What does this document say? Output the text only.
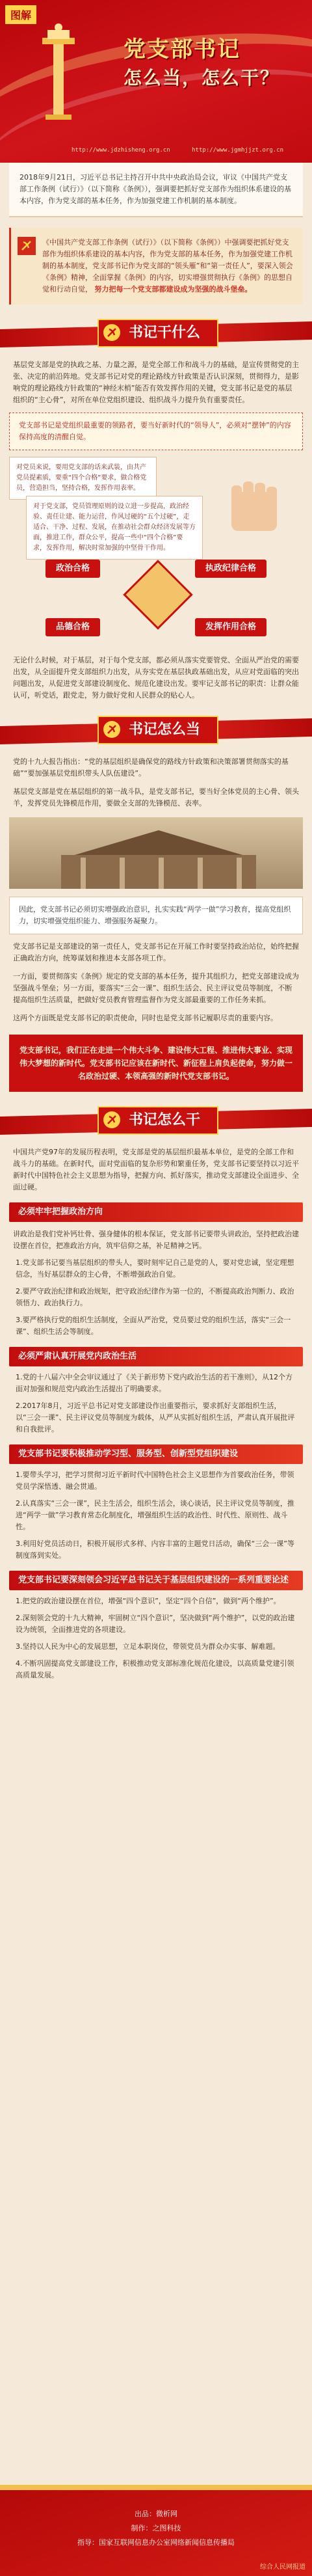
图解
党支部书记
怎么当，怎么干？
http://www.jdzhisheng.org.cn	http://www.jgmhjjzt.org.cn
2018年9月21日，习近平总书记主持召开中共中央政治局会议，审议《中国共产党支部工作条例（试行）》（以下简称《条例》），强调要把抓好党支部作为组织体系建设的基本内容，作为党支部的基本任务，作为加强党建工作机制的基本制度。
《中国共产党支部工作条例（试行）》（以下简称《条例》）中强调要把抓好党支部作为组织体系建设的基本内容，作为党支部的基本任务，作为加强党建工作机制的基本制度，党支部书记作为党支部的“领头雁”和“第一责任人”，要深入领会《条例》精神，全面掌握《条例》的内容，切实增强贯彻执行《条例》的思想自觉和行动自觉， 努力把每一个党支部都建设成为坚强的战斗堡垒。
书记干什么
基层党支部是党的执政之基、力量之源，是党全部工作和战斗力的基础，是宣传贯彻党的主张、决定的前沿阵地。党支部书记对党的理论路线方针政策是否认识深刻，贯彻得力，是影响党的理论路线方针政策的“神经末梢”能否有效发挥作用的关键，党支部书记是党的基层组织的“主心骨”，对所在单位党组织建设、组织战斗力提升负有重要责任。
党支部书记是党组织最重要的领路者，要当好新时代的“领导人”，必须对“摆钟”的内容保持高度的清醒自觉。
对党员来说，要用党支部的话来武装，由共产党员提素质，要重“四个合格”要求，做合格党员，营造担当，坚持合格，发挥作用表率。
对于党支部，党员管理原则的设立进一步提高，政治经验、责任让建、能力运营，作风过硬的“五个过硬”，走适合、干净、过程、发展，在推动社会群众经济发展等方面，推进工作，群众公平，提高一些中“四个合格”要求，发挥作用，解决时常加强的中坚骨干作用。
政治合格	执政纪律合格
品德合格	发挥作用合格
无论什么时候，对于基层，对于每个党支部，都必须从落实党要管党、全面从严治党的需要出发，从全面提升党支部组织力出发，从夯实党在基层执政基础出发，从应对党面临的突出问题出发，从促进党支部建设制度化、规范化建设出发。要牢记支部书记的职责：让群众能认可，听党话，跟党走，努力做好党和人民群众的贴心人。
书记怎么当
党的十九大报告指出：“党的基层组织是确保党的路线方针政策和决策部署贯彻落实的基础”“要加强基层党组织带头人队伍建设”。
基层党支部是党在基层组织的第一战斗队，是党支部书记，要当好全体党员的主心骨、领头羊，发挥党员先锋模范作用，要做全支部的先锋模范、表率。
因此，党支部书记必须切实增强政治意识，扎实实践“两学一做”学习教育，提高党组织力，切实增强党组织能力、增强服务凝聚力。
党支部书记是支部建设的第一责任人，党支部书记在开展工作时要坚持政治站位，始终把握正确政治方向，统筹谋划和推进本支部各项工作。
一方面，要贯彻落实《条例》规定的党支部的基本任务，提升其组织力，把党支部建设成为坚强战斗堡垒；另一方面，要落实“三会一课”、组织生活会、民主评议党员等制度，不断提高组织生活质量，把做好党员教育管理监督作为党支部最重要的工作任务来抓。
这两个方面既是党支部书记的职责使命，同时也是党支部书记履职尽责的重要内容。
党支部书记，我们正在走进一个伟大斗争、建设伟大工程、推进伟大事业、实现伟大梦想的新时代。党支部书记应该在新时代、新征程上肩负起使命，努力做一名政治过硬、本领高强的新时代党支部书记。
书记怎么干
中国共产党97年的发展历程表明，党支部是党的基层组织最基本单位，是党的全部工作和战斗力的基础。在新时代，面对党面临的复杂形势和繁重任务，党支部书记要坚持以习近平新时代中国特色社会主义思想为指导，把握方向、抓好落实，推动党支部建设全面进步、全面过硬。
必须牢牢把握政治方向
讲政治是我们党补钙壮骨、强身健体的根本保证，党支部书记要带头讲政治，坚持把政治建设摆在首位，把准政治方向，筑牢信仰之基，补足精神之钙。

1.党支部书记要当基层组织的带头人，要时刻牢记自己是党的人，要对党忠诚，坚定理想信念，当好基层群众的主心骨，不断增强政治自觉。

2.要严守政治纪律和政治规矩，把守政治纪律作为第一位的，不断提高政治判断力、政治领悟力、政治执行力。

3.要严格执行党的组织生活制度，全面从严治党，党员要过党的组织生活，落实“三会一课”、组织生活会等制度。

必须严肃认真开展党内政治生活

1.党的十八届六中全会审议通过了《关于新形势下党内政治生活的若干准则》，从12个方面对加强和规范党内政治生活提出了明确要求。

2.2017年8月，习近平总书记对党支部建设作出重要指示，要求抓好支部组织生活，以“三会一课”、民主评议党员等制度为载体，从严从实抓好组织生活，严肃认真开展批评和自我批评。

党支部书记要积极推动学习型、服务型、创新型党组织建设

1.要带头学习，把学习贯彻习近平新时代中国特色社会主义思想作为首要政治任务，带领党员学深悟透、融会贯通。

2.认真落实“三会一课”，民主生活会，组织生活会，谈心谈话，民主评议党员等制度，推进“两学一做”学习教育常态化制度化，增强组织生活的政治性、时代性、原则性、战斗性。

3.利用好党员活动日，积极开展形式多样、内容丰富的主题党日活动，确保“三会一课”等制度落到实处。

党支部书记要深刻领会习近平总书记关于基层组织建设的一系列重要论述

1.把党的政治建设摆在首位，增强“四个意识”，坚定“四个自信”，做到“两个维护”。

2.深刻领会党的十九大精神，牢固树立“四个意识”，坚决做到“两个维护”，以党的政治建设为统领，全面推进党的各项建设。

3.坚持以人民为中心的发展思想，立足本职岗位，带领党员为群众办实事、解难题。

4.不断巩固提高党支部建设工作，积极推动党支部标准化规范化建设，以高质量党建引领高质量发展。

出品：微析网
制作：之图科技
指导：国家互联网信息办公室网络新闻信息传播局
综合人民网报道
